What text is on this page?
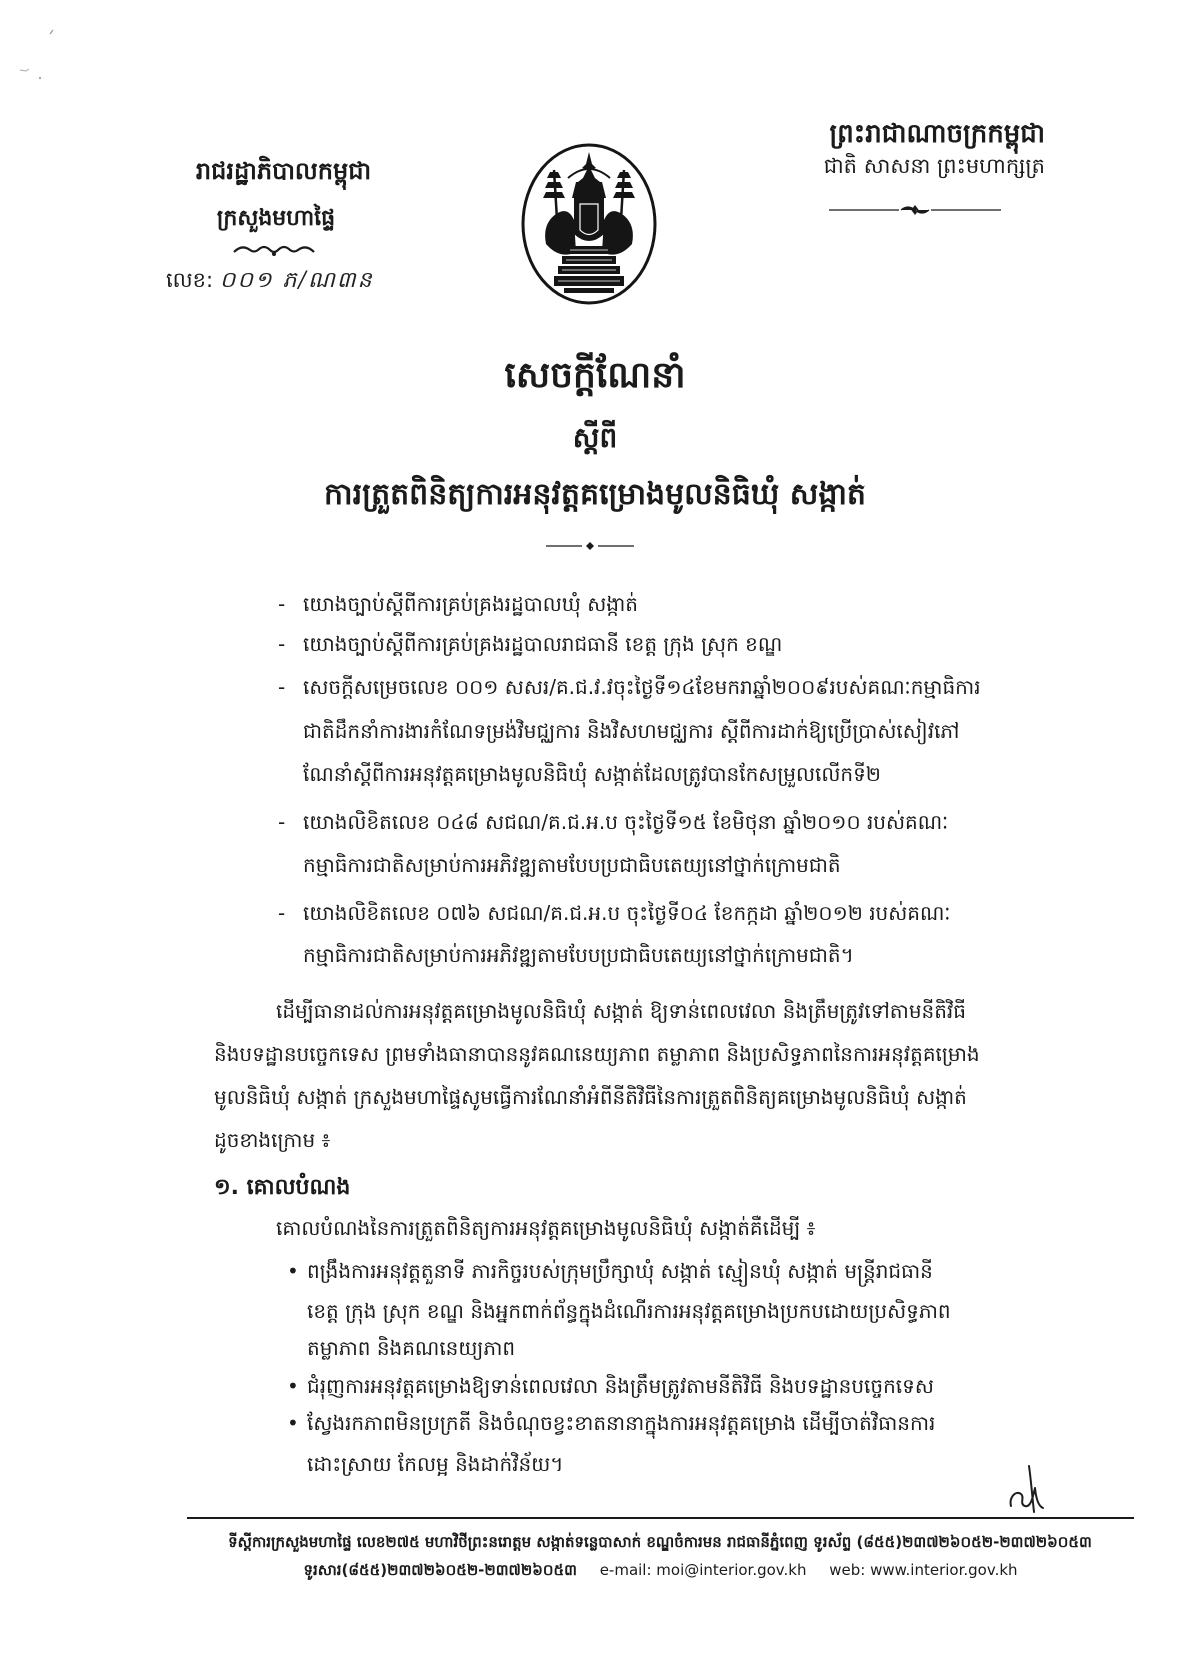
ព្រះរាជាណាចក្រកម្ពុជា
ជាតិ សាសនា ព្រះមហាក្សត្រ
រាជរដ្ឋាភិបាលកម្ពុជា
ក្រសួងមហាផ្ទៃ
លេខ: ០០១ ភ/ណ៣ន
សេចក្ដីណែនាំ
ស្ដីពី
ការត្រួតពិនិត្យការអនុវត្តគម្រោងមូលនិធិឃុំ សង្កាត់
- យោងច្បាប់ស្ដីពីការគ្រប់គ្រងរដ្ឋបាលឃុំ សង្កាត់
- យោងច្បាប់ស្ដីពីការគ្រប់គ្រងរដ្ឋបាលរាជធានី ខេត្ត ក្រុង ស្រុក ខណ្ឌ
- សេចក្ដីសម្រេចលេខ ០០១ សសរ/គ.ជ.វ.វចុះថ្ងៃទី១៤ខែមករាឆ្នាំ២០០៩របស់គណៈកម្មាធិការ
ជាតិដឹកនាំការងារកំណែទម្រង់វិមជ្ឈការ និងវិសហមជ្ឈការ ស្ដីពីការដាក់ឱ្យប្រើប្រាស់សៀវភៅ
ណែនាំស្ដីពីការអនុវត្តគម្រោងមូលនិធិឃុំ សង្កាត់ដែលត្រូវបានកែសម្រួលលើកទី២
- យោងលិខិតលេខ ០៤៨ សជណ/គ.ជ.អ.ប ចុះថ្ងៃទី១៥ ខែមិថុនា ឆ្នាំ២០១០ របស់គណៈ
កម្មាធិការជាតិសម្រាប់ការអភិវឌ្ឍតាមបែបប្រជាធិបតេយ្យនៅថ្នាក់ក្រោមជាតិ
- យោងលិខិតលេខ ០៧៦ សជណ/គ.ជ.អ.ប ចុះថ្ងៃទី០៤ ខែកក្កដា ឆ្នាំ២០១២ របស់គណៈ
កម្មាធិការជាតិសម្រាប់ការអភិវឌ្ឍតាមបែបប្រជាធិបតេយ្យនៅថ្នាក់ក្រោមជាតិ។
ដើម្បីធានាដល់ការអនុវត្តគម្រោងមូលនិធិឃុំ សង្កាត់ ឱ្យទាន់ពេលវេលា និងត្រឹមត្រូវទៅតាមនីតិវិធី
និងបទដ្ឋានបច្ចេកទេស ព្រមទាំងធានាបាននូវគណនេយ្យភាព តម្លាភាព និងប្រសិទ្ធភាពនៃការអនុវត្តគម្រោង
មូលនិធិឃុំ សង្កាត់ ក្រសួងមហាផ្ទៃសូមធ្វើការណែនាំអំពីនីតិវិធីនៃការត្រួតពិនិត្យគម្រោងមូលនិធិឃុំ សង្កាត់
ដូចខាងក្រោម ៖
១. គោលបំណង
គោលបំណងនៃការត្រួតពិនិត្យការអនុវត្តគម្រោងមូលនិធិឃុំ សង្កាត់គឺដើម្បី ៖
• ពង្រឹងការអនុវត្តតួនាទី ភារកិច្ចរបស់ក្រុមប្រឹក្សាឃុំ សង្កាត់ ស្មៀនឃុំ សង្កាត់ មន្ត្រីរាជធានី
ខេត្ត ក្រុង ស្រុក ខណ្ឌ និងអ្នកពាក់ព័ន្ធក្នុងដំណើរការអនុវត្តគម្រោងប្រកបដោយប្រសិទ្ធភាព
តម្លាភាព និងគណនេយ្យភាព
• ជំរុញការអនុវត្តគម្រោងឱ្យទាន់ពេលវេលា និងត្រឹមត្រូវតាមនីតិវិធី និងបទដ្ឋានបច្ចេកទេស
• ស្វែងរកភាពមិនប្រក្រតី និងចំណុចខ្វះខាតនានាក្នុងការអនុវត្តគម្រោង ដើម្បីចាត់វិធានការ
ដោះស្រាយ កែលម្អ និងដាក់វិន័យ។
ទីស្ដីការក្រសួងមហាផ្ទៃ លេខ២៧៥ មហាវិថីព្រះនរោត្តម សង្កាត់ទន្លេបាសាក់ ខណ្ឌចំការមន រាជធានីភ្នំពេញ ទូរស័ព្ទ (៨៥៥)២៣៧២៦០៥២-២៣៧២៦០៥៣
ទូរសារ(៨៥៥)២៣៧២៦០៥២-២៣៧២៦០៥៣ e-mail: moi@interior.gov.kh web: www.interior.gov.kh
